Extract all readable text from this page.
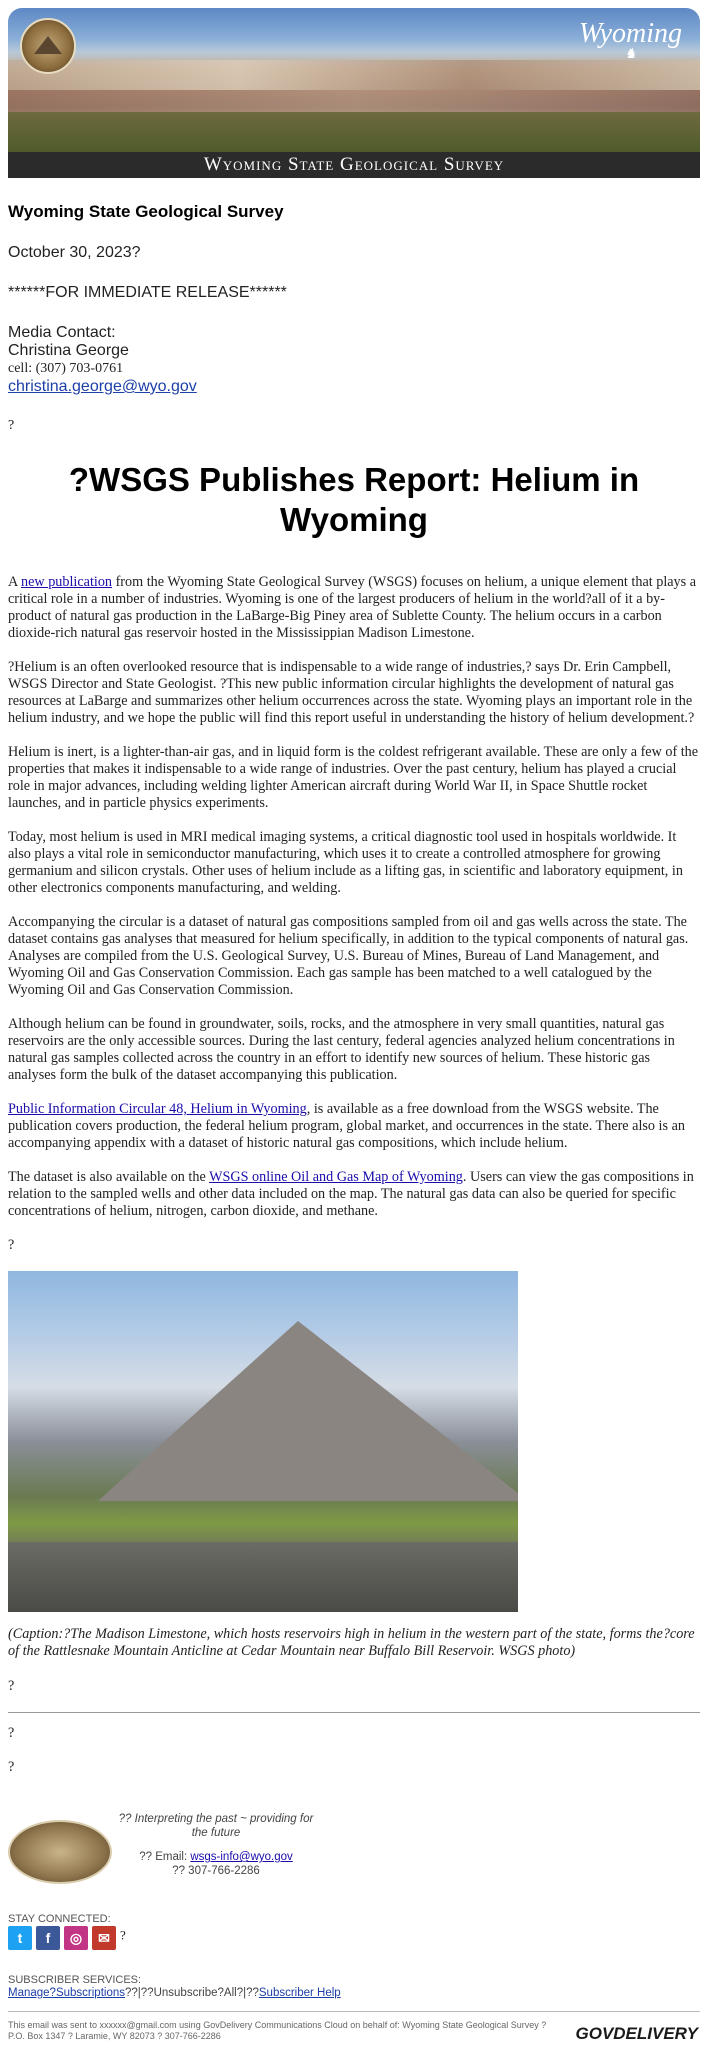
Wyoming
♞
Wyoming State Geological Survey
Wyoming State Geological Survey
October 30, 2023?
******FOR IMMEDIATE RELEASE******
Media Contact:
Christina George
cell: (307) 703-0761
christina.george@wyo.gov
?
?WSGS Publishes Report: Helium in Wyoming

A new publication from the Wyoming State Geological Survey (WSGS) focuses on helium, a unique element that plays a critical role in a number of industries. Wyoming is one of the largest producers of helium in the world?all of it a by-product of natural gas production in the LaBarge-Big Piney area of Sublette County. The helium occurs in a carbon dioxide-rich natural gas reservoir hosted in the Mississippian Madison Limestone.

?Helium is an often overlooked resource that is indispensable to a wide range of industries,? says Dr. Erin Campbell, WSGS Director and State Geologist. ?This new public information circular highlights the development of natural gas resources at LaBarge and summarizes other helium occurrences across the state. Wyoming plays an important role in the helium industry, and we hope the public will find this report useful in understanding the history of helium development.?

Helium is inert, is a lighter-than-air gas, and in liquid form is the coldest refrigerant available. These are only a few of the properties that makes it indispensable to a wide range of industries. Over the past century, helium has played a crucial role in major advances, including welding lighter American aircraft during World War II, in Space Shuttle rocket launches, and in particle physics experiments.

Today, most helium is used in MRI medical imaging systems, a critical diagnostic tool used in hospitals worldwide. It also plays a vital role in semiconductor manufacturing, which uses it to create a controlled atmosphere for growing germanium and silicon crystals. Other uses of helium include as a lifting gas, in scientific and laboratory equipment, in other electronics components manufacturing, and welding.

Accompanying the circular is a dataset of natural gas compositions sampled from oil and gas wells across the state. The dataset contains gas analyses that measured for helium specifically, in addition to the typical components of natural gas. Analyses are compiled from the U.S. Geological Survey, U.S. Bureau of Mines, Bureau of Land Management, and Wyoming Oil and Gas Conservation Commission. Each gas sample has been matched to a well catalogued by the Wyoming Oil and Gas Conservation Commission.

Although helium can be found in groundwater, soils, rocks, and the atmosphere in very small quantities, natural gas reservoirs are the only accessible sources. During the last century, federal agencies analyzed helium concentrations in natural gas samples collected across the country in an effort to identify new sources of helium. These historic gas analyses form the bulk of the dataset accompanying this publication.

Public Information Circular 48, Helium in Wyoming, is available as a free download from the WSGS website. The publication covers production, the federal helium program, global market, and occurrences in the state. There also is an accompanying appendix with a dataset of historic natural gas compositions, which include helium.

The dataset is also available on the WSGS online Oil and Gas Map of Wyoming. Users can view the gas compositions in relation to the sampled wells and other data included on the map. The natural gas data can also be queried for specific concentrations of helium, nitrogen, carbon dioxide, and methane.

?

(Caption:?The Madison Limestone, which hosts reservoirs high in helium in the western part of the state, forms the?core of the Rattlesnake Mountain Anticline at Cedar Mountain near Buffalo Bill Reservoir. WSGS photo)

?
?
?
?? Interpreting the past ~ providing for the future
?? Email: wsgs-info@wyo.gov
?? 307-766-2286
STAY CONNECTED:
t f ◎ ✉ ?
SUBSCRIBER SERVICES:
Manage?Subscriptions??|??Unsubscribe?All?|??Subscriber Help
This email was sent to xxxxxx@gmail.com using GovDelivery Communications Cloud on behalf of: Wyoming State Geological Survey ? P.O. Box 1347 ? Laramie, WY 82073 ? 307-766-2286	GOVDELIVERY
